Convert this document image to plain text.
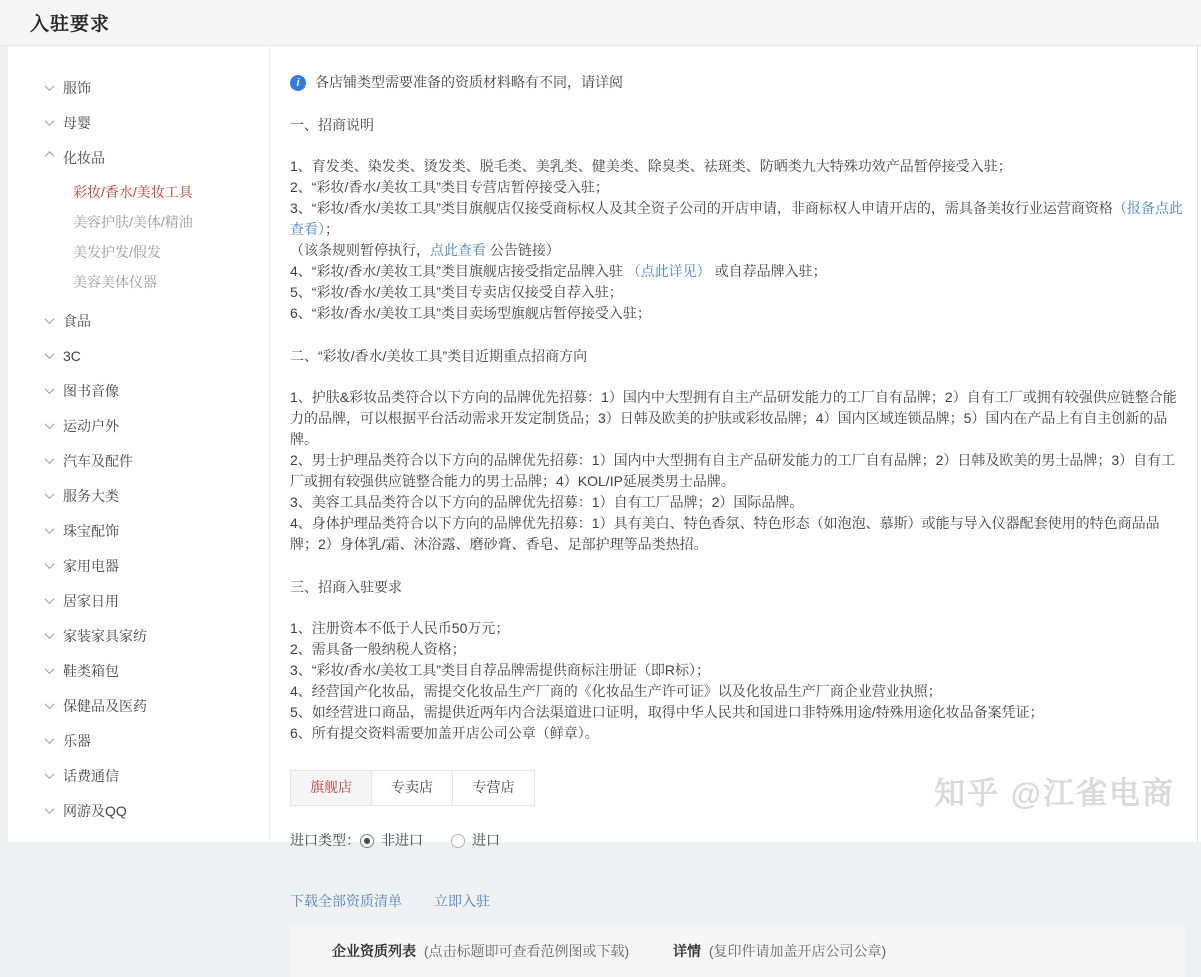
入驻要求
服饰
母婴
化妆品
彩妆/香水/美妆工具
美容护肤/美体/精油
美发护发/假发
美容美体仪器
食品
3C
图书音像
运动户外
汽车及配件
服务大类
珠宝配饰
家用电器
居家日用
家装家具家纺
鞋类箱包
保健品及医药
乐器
话费通信
网游及QQ
i
各店铺类型需要准备的资质材料略有不同，请详阅
一、招商说明

1、育发类、染发类、烫发类、脱毛类、美乳类、健美类、除臭类、祛斑类、防晒类九大特殊功效产品暂停接受入驻；

2、“彩妆/香水/美妆工具”类目专营店暂停接受入驻；

3、“彩妆/香水/美妆工具”类目旗舰店仅接受商标权人及其全资子公司的开店申请，非商标权人申请开店的，需具备美妆行业运营商资格（报备点此查看）；

（该条规则暂停执行，点此查看 公告链接）

4、“彩妆/香水/美妆工具”类目旗舰店接受指定品牌入驻 （点此详见） 或自荐品牌入驻；

5、“彩妆/香水/美妆工具”类目专卖店仅接受自荐入驻；

6、“彩妆/香水/美妆工具”类目卖场型旗舰店暂停接受入驻；

二、“彩妆/香水/美妆工具”类目近期重点招商方向

1、护肤&彩妆品类符合以下方向的品牌优先招募：1）国内中大型拥有自主产品研发能力的工厂自有品牌；2）自有工厂或拥有较强供应链整合能力的品牌，可以根据平台活动需求开发定制货品；3）日韩及欧美的护肤或彩妆品牌；4）国内区域连锁品牌；5）国内在产品上有自主创新的品牌。

2、男士护理品类符合以下方向的品牌优先招募：1）国内中大型拥有自主产品研发能力的工厂自有品牌；2）日韩及欧美的男士品牌；3）自有工厂或拥有较强供应链整合能力的男士品牌；4）KOL/IP延展类男士品牌。

3、美容工具品类符合以下方向的品牌优先招募：1）自有工厂品牌；2）国际品牌。

4、身体护理品类符合以下方向的品牌优先招募：1）具有美白、特色香氛、特色形态（如泡泡、慕斯）或能与导入仪器配套使用的特色商品品牌；2）身体乳/霜、沐浴露、磨砂膏、香皂、足部护理等品类热招。

三、招商入驻要求

1、注册资本不低于人民币50万元；

2、需具备一般纳税人资格；

3、“彩妆/香水/美妆工具”类目自荐品牌需提供商标注册证（即R标）；

4、经营国产化妆品，需提交化妆品生产厂商的《化妆品生产许可证》以及化妆品生产厂商企业营业执照；

5、如经营进口商品，需提供近两年内合法渠道进口证明，取得中华人民共和国进口非特殊用途/特殊用途化妆品备案凭证；

6、所有提交资料需要加盖开店公司公章（鲜章）。

旗舰店	专卖店	专营店
进口类型： 非进口	进口
下载全部资质清单 立即入驻
企业资质列表 (点击标题即可查看范例图或下载)	详情 (复印件请加盖开店公司公章)
知乎 @江雀电商
